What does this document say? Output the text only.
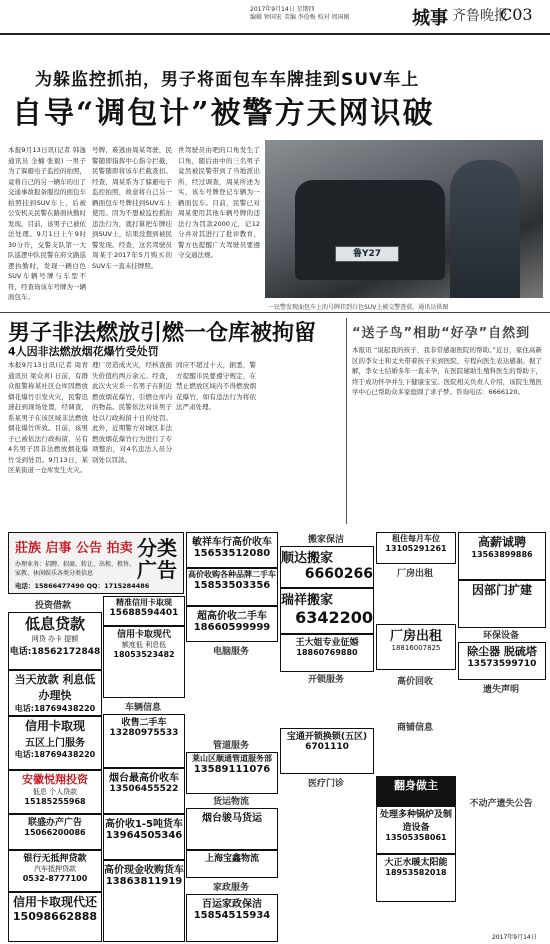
2017年9月14日 星期四
编辑 钟国宏 美编 李俭梅 校对 周国刚	城事 齐鲁晚报
C03
为躲监控抓拍，男子将面包车车牌挂到SUV车上
自导“调包计”被警方天网识破
本报9月13日讯(记者 韩逸 通讯员 全楠 张毅) 一男子为了躲避电子监控的拍照，竟将自己的另一辆车的出了交通事故报备服役的面包车拍照挂到SUV车上，后被公安机关民警在路面执勤时发现。目前，该男子已被依法处理。9月1日上午9时30分许，交警支队第一大队巡逻中队民警在府文路巡逻执勤时，发现一辆白色SUV车辆号牌与车型不符，经查询该车号牌为一辆面包车。
号牌，难逃由周某驾驶，民警随即指挥中心指令拦截，民警随即将该车拦截查扣。经查，周某系为了躲避电子监控拍照，故意将自己另一辆面包车号牌挂到SUV车上使用。因为不想被监控抓拍违法行为，就打算把车牌挂到SUV上，结果没想到被民警发现。经查，这名驾驶员周某于2017年5月购买的SUV车一直未挂牌照。
世驾驶员由吧的口角发生了口角，随后由中的三名男子竟然被民警带到了当地派出所，经过调查，周某所述为实，该车号牌登记车辆为一辆面包车。目前，民警已对周某使用其他车辆号牌的违法行为罚款2000元，记12分并对其进行了批评教育，警方也提醒广大驾驶员要遵守交通法规。	鲁Y27
一民警发现面包车上的号牌挂到白色SUV上被交警查获。通讯员供图
男子非法燃放引燃一仓库被拘留
4人因非法燃放烟花爆竹受处罚
本报9月13日讯(记者 周青 通讯员 梁众喜) 日前，有群众报警称某社区仓库因燃放烟花爆竹引发火灾，民警迅速赶到现场处置，经调查，系某男子在该区域非法燃放烟花爆竹所致。目前，该男子已被依法行政拘留，另有4名男子因非法燃放烟花爆竹受到处罚。9月13日，某区某街道一仓库发生火灾。
理厂房造成火灾，经核查损失价值约两万余元。经查，此次火灾系一名男子在附近燃放烟花爆竹，引燃仓库内的物品。民警依法对该男子处以行政拘留十日的处罚。此外，近期警方对城区非法燃放烟花爆竹行为进行了专项整治，对4名违法人员分别处以罚款。
间应不超过十天，据悉，警方提醒市民要遵守规定，在禁止燃放区域内不得燃放烟花爆竹，如有违法行为将依法严肃处理。
“送子鸟”相助“好孕”自然到
本报讯 “说起我的孩子，我非常感谢医院的帮助。”近日，家住高新区的李女士和丈夫带着孩子来到医院，专程向医生表达感谢。据了解，李女士结婚多年一直未孕，在医院辅助生殖科医生的帮助下，终于成功怀孕并生下健康宝宝。医院相关负责人介绍，该院生殖医学中心已帮助众多家庭圆了求子梦。咨询电话：6666120。
莊族 启事 公告 拍卖 分类广告
办理业务：招聘、招商、转让、出租、租售、家教、休闲娱乐各类分类信息
电话：15866477490 QQ：1715284486
投资借款
低息贷款
网贷 办卡 提额
电话:18562172848
当天放款 利息低 办理快
电话:18769438220
信用卡取现
五区上门服务
电话:18769438220
安徽悦翔投资
低息 个人贷款
15185255968
联盛办产广告
15066200086
银行无抵押贷款
汽车抵押贷款
0532-8777100
信用卡取现代还
15098662888
精准信用卡取现
15688594401
信用卡取现代
额度低 利息低
18053523482
车辆信息
收售二手车
13280975533
烟台最高价收车
13506455522
高价收1-5吨货车
13964505346
高价现金收购货车
13863811919
敏祥车行高价收车
15653512080
高价收购各种品牌二手车
15853503356
超高价收二手车
18660599999
电脑服务
管道服务
莱山区顺通管道服务部
13589111076
货运物流
烟台骏马货运
上海宝鑫物流
家政服务
百运家政保洁
15854515934
搬家保洁
顺达搬家
6660266
瑞祥搬家
6342200
王大姐专业征婚
18860769880
开锁服务
宝通开锁换锁(五区)
6701110
医疗门诊
租住每月车位
13105291261
厂房出租
厂房出租
18816007825
高价回收
商铺信息
翻身做主
处理多种锅炉及制造设备
13505358061
大正水暖太阳能
18953582018
高薪诚聘
13563899886
因部门扩建
环保设备
除尘器 脱硫塔
13573599710
遗失声明
不动产遗失公告
2017年9月14日
